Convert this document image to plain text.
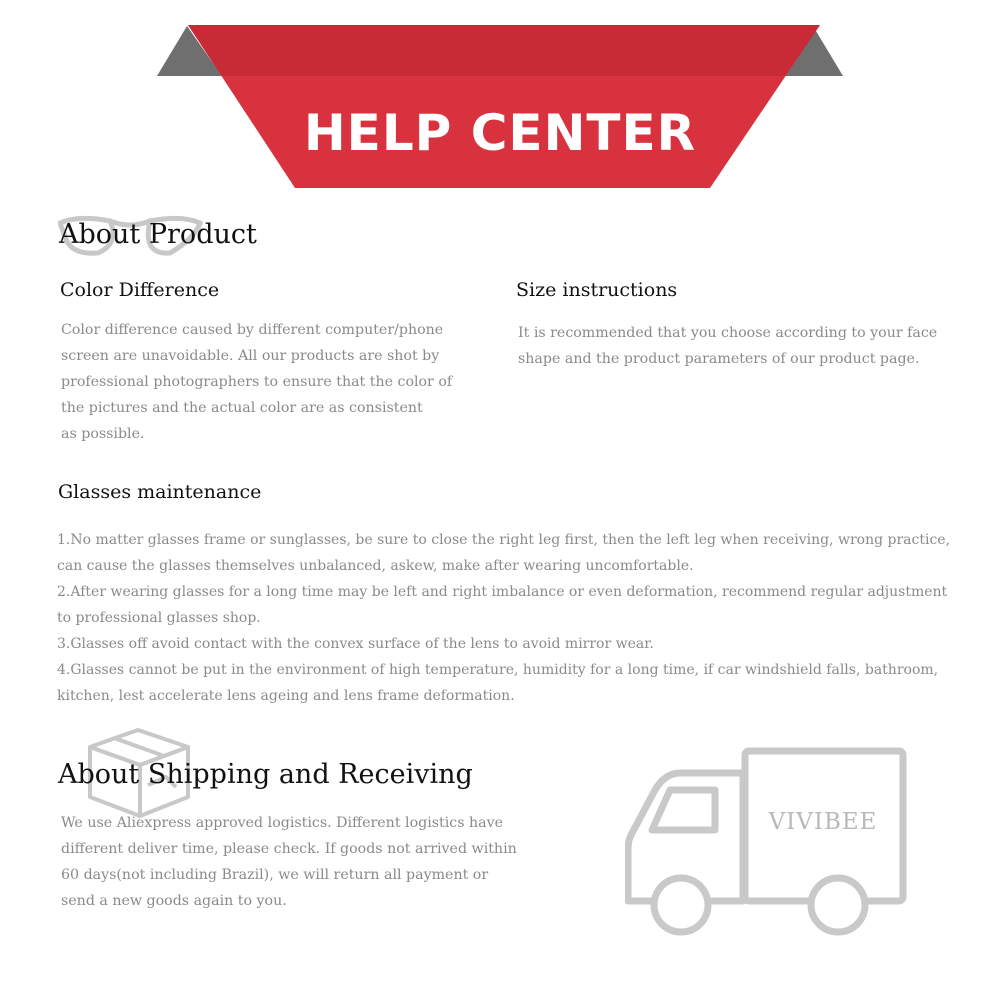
HELP CENTER
About Product
Color Difference

Color difference caused by different computer/phone

screen are unavoidable. All our products are shot by

professional photographers to ensure that the color of

the pictures and the actual color are as consistent

as possible.

Size instructions

It is recommended that you choose according to your face

shape and the product parameters of our product page.

Glasses maintenance

1.No matter glasses frame or sunglasses, be sure to close the right leg first, then the left leg when receiving, wrong practice,

can cause the glasses themselves unbalanced, askew, make after wearing uncomfortable.

2.After wearing glasses for a long time may be left and right imbalance or even deformation, recommend regular adjustment

to professional glasses shop.

3.Glasses off avoid contact with the convex surface of the lens to avoid mirror wear.

4.Glasses cannot be put in the environment of high temperature, humidity for a long time, if car windshield falls, bathroom,

kitchen, lest accelerate lens ageing and lens frame deformation.

About Shipping and Receiving

We use Aliexpress approved logistics. Different logistics have

different deliver time, please check. If goods not arrived within

60 days(not including Brazil), we will return all payment or

send a new goods again to you.

VIVIBEE
